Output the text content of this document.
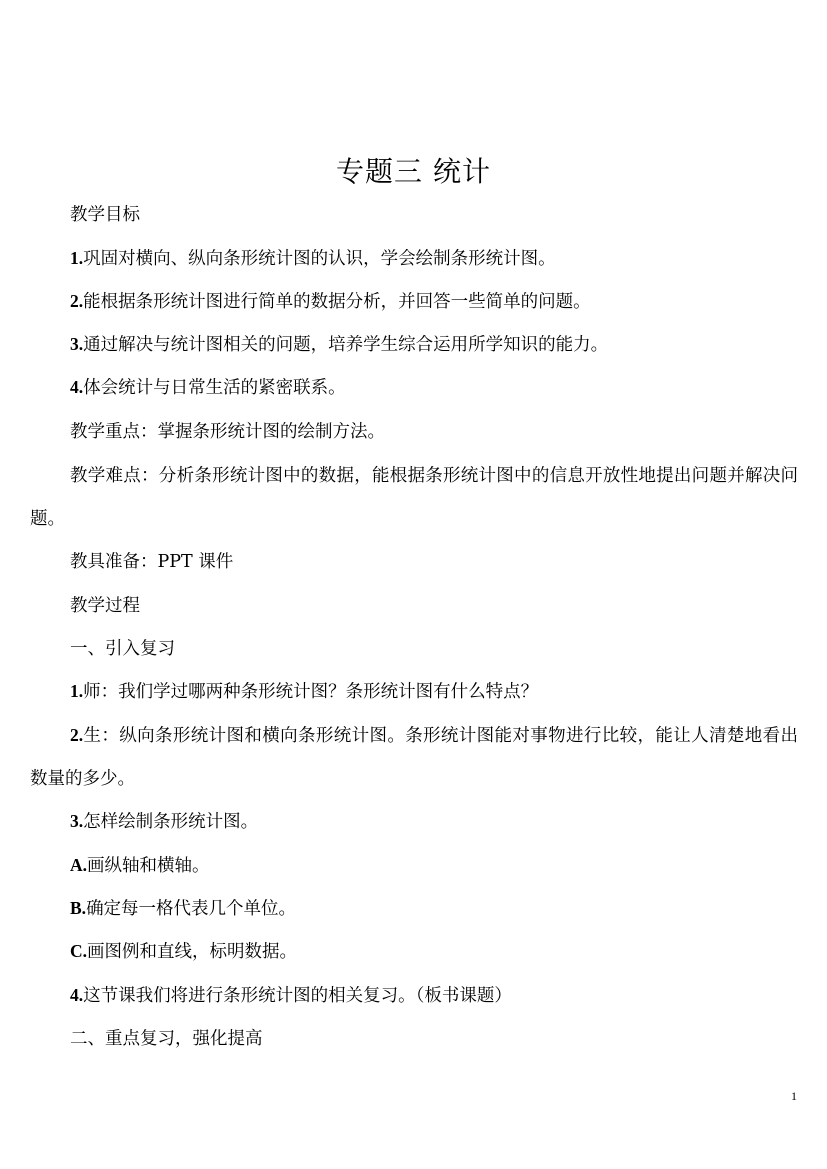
专题三 统计
教学目标
1.巩固对横向、纵向条形统计图的认识，学会绘制条形统计图。
2.能根据条形统计图进行简单的数据分析，并回答一些简单的问题。
3.通过解决与统计图相关的问题，培养学生综合运用所学知识的能力。
4.体会统计与日常生活的紧密联系。
教学重点：掌握条形统计图的绘制方法。
教学难点：分析条形统计图中的数据，能根据条形统计图中的信息开放性地提出问题并解决问题。
教具准备：PPT 课件
教学过程
一、引入复习
1.师：我们学过哪两种条形统计图？条形统计图有什么特点？
2.生：纵向条形统计图和横向条形统计图。条形统计图能对事物进行比较，能让人清楚地看出数量的多少。
3.怎样绘制条形统计图。
A.画纵轴和横轴。
B.确定每一格代表几个单位。
C.画图例和直线，标明数据。
4.这节课我们将进行条形统计图的相关复习。（板书课题）
二、重点复习，强化提高
1
